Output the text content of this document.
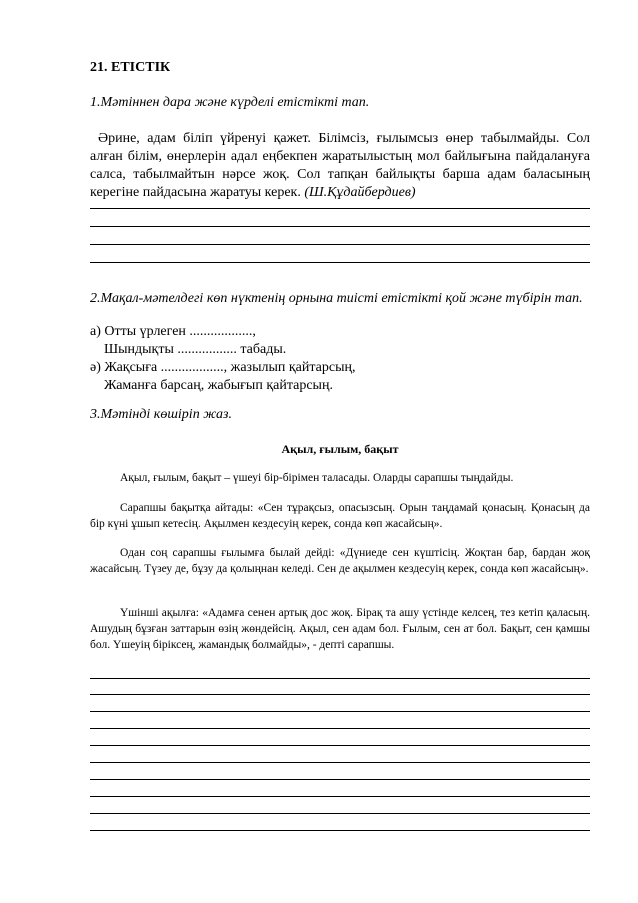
21. ЕТІСТІК
1.Мәтіннен дара және күрделі етістікті тап.
Әрине, адам біліп үйренуі қажет. Білімсіз, ғылымсыз өнер табылмайды. Сол алған білім, өнерлерін адал еңбекпен жаратылыстың мол байлығына пайдалануға салса, табылмайтын нәрсе жоқ. Сол тапқан байлықты барша адам баласының керегіне пайдасына жаратуы керек. (Ш.Құдайбердиев)
2.Мақал-мәтелдегі көп нүктенің орнына тиісті етістікті қой және түбірін тап.
а) Отты үрлеген ..................,
Шындықты ................. табады.
ә) Жақсыға .................., жазылып қайтарсың,
Жаманға барсаң, жабығып қайтарсың.
3.Мәтінді көшіріп жаз.
Ақыл, ғылым, бақыт
Ақыл, ғылым, бақыт – үшеуі бір-бірімен таласады. Оларды сарапшы тыңдайды.
Сарапшы бақытқа айтады: «Сен тұрақсыз, опасызсың. Орын таңдамай қонасың. Қонасың да бір күні ұшып кетесің. Ақылмен кездесуің керек, сонда көп жасайсың».
Одан соң сарапшы ғылымға былай дейді: «Дүниеде сен күштісің. Жоқтан бар, бардан жоқ жасайсың. Түзеу де, бұзу да қолыңнан келеді. Сен де ақылмен кездесуің керек, сонда көп жасайсың».
Үшінші ақылға: «Адамға сенен артық дос жоқ. Бірақ та ашу үстінде келсең, тез кетіп қаласың. Ашудың бұзған заттарын өзің жөндейсің. Ақыл, сен адам бол. Ғылым, сен ат бол. Бақыт, сен қамшы бол. Үшеуің біріксең, жамандық болмайды», - депті сарапшы.
